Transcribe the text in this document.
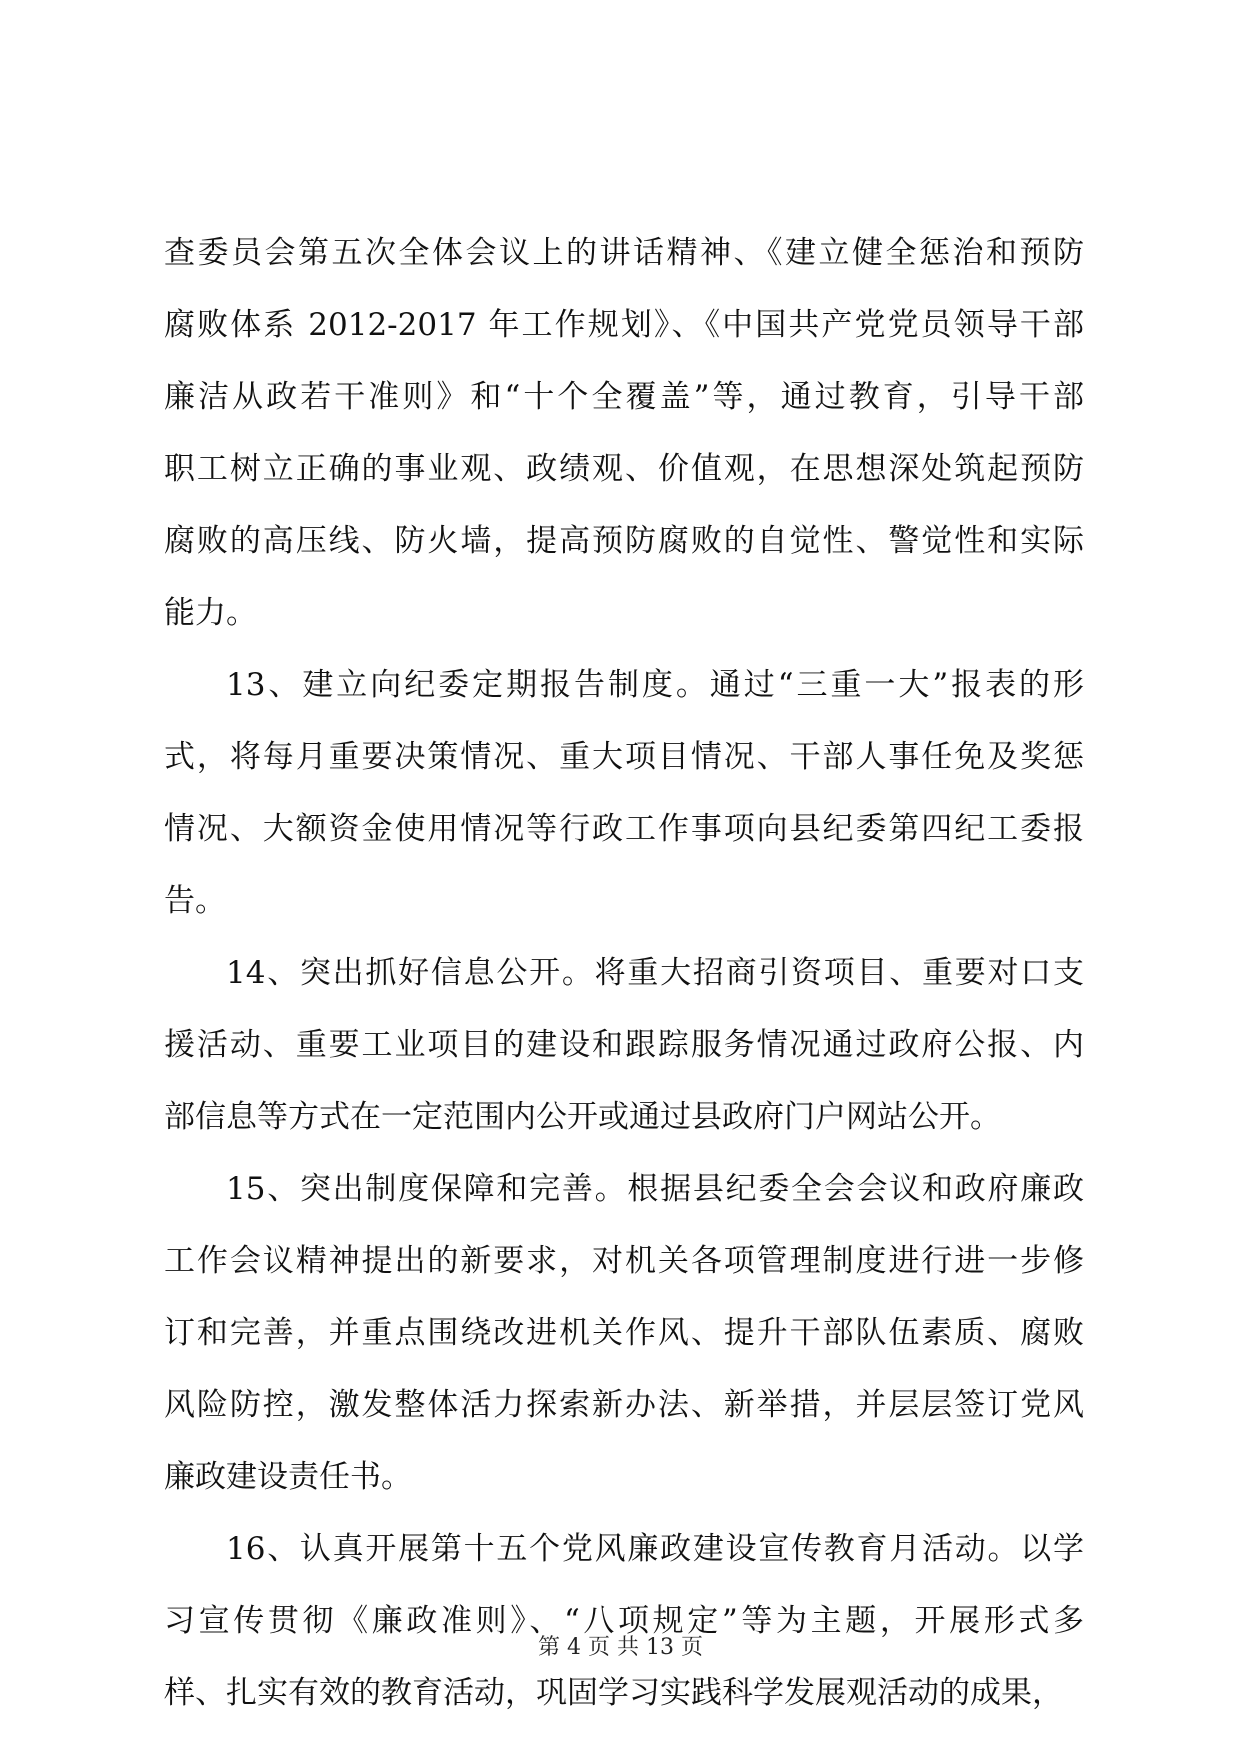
查委员会第五次全体会议上的讲话精神、《建立健全惩治和预防
腐败体系 2012-2017 年工作规划》、《中国共产党党员领导干部
廉洁从政若干准则》和“十个全覆盖”等，通过教育，引导干部
职工树立正确的事业观、政绩观、价值观，在思想深处筑起预防
腐败的高压线、防火墙，提高预防腐败的自觉性、警觉性和实际
能力。
13、建立向纪委定期报告制度。通过“三重一大”报表的形
式，将每月重要决策情况、重大项目情况、干部人事任免及奖惩
情况、大额资金使用情况等行政工作事项向县纪委第四纪工委报
告。
14、突出抓好信息公开。将重大招商引资项目、重要对口支
援活动、重要工业项目的建设和跟踪服务情况通过政府公报、内
部信息等方式在一定范围内公开或通过县政府门户网站公开。
15、突出制度保障和完善。根据县纪委全会会议和政府廉政
工作会议精神提出的新要求，对机关各项管理制度进行进一步修
订和完善，并重点围绕改进机关作风、提升干部队伍素质、腐败
风险防控，激发整体活力探索新办法、新举措，并层层签订党风
廉政建设责任书。
16、认真开展第十五个党风廉政建设宣传教育月活动。以学
习宣传贯彻《廉政准则》、“八项规定”等为主题，开展形式多
样、扎实有效的教育活动，巩固学习实践科学发展观活动的成果，
第 4 页 共 13 页
